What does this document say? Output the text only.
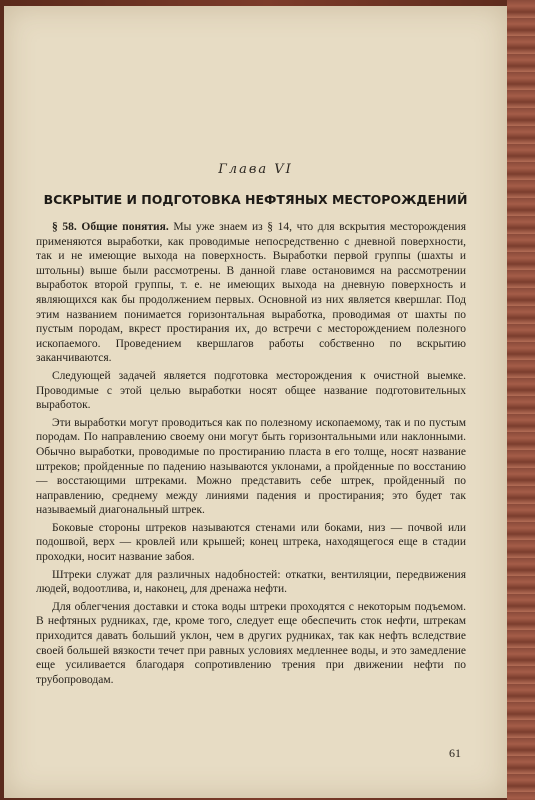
Глава VI
ВСКРЫТИЕ И ПОДГОТОВКА НЕФТЯНЫХ МЕСТОРОЖДЕНИЙ

§ 58. Общие понятия. Мы уже знаем из § 14, что для вскрытия месторождения применяются выработки, как проводимые непосредственно с дневной поверхности, так и не имеющие выхода на поверхность. Выработки первой группы (шахты и штольны) выше были рассмотрены. В данной главе остановимся на рассмотрении выработок второй группы, т. е. не имеющих выхода на дневную поверхность и являющихся как бы продолжением первых. Основной из них является квершлаг. Под этим названием понимается горизонтальная выработка, проводимая от шахты по пустым породам, вкрест простирания их, до встречи с месторождением полезного ископаемого. Проведением квершлагов работы собственно по вскрытию заканчиваются.

Следующей задачей является подготовка месторождения к очистной выемке. Проводимые с этой целью выработки носят общее название подготовительных выработок.

Эти выработки могут проводиться как по полезному ископаемому, так и по пустым породам. По направлению своему они могут быть горизонтальными или наклонными. Обычно выработки, проводимые по простиранию пласта в его толще, носят название штреков; пройденные по падению называются уклонами, а пройденные по восстанию — восстающими штреками. Можно представить себе штрек, пройденный по направлению, среднему между линиями падения и простирания; это будет так называемый диагональный штрек.

Боковые стороны штреков называются стенами или боками, низ — почвой или подошвой, верх — кровлей или крышей; конец штрека, находящегося еще в стадии проходки, носит название забоя.

Штреки служат для различных надобностей: откатки, вентиляции, передвижения людей, водоотлива, и, наконец, для дренажа нефти.

Для облегчения доставки и стока воды штреки проходятся с некоторым подъемом. В нефтяных рудниках, где, кроме того, следует еще обеспечить сток нефти, штрекам приходится давать больший уклон, чем в других рудниках, так как нефть вследствие своей большей вязкости течет при равных условиях медленнее воды, и это замедление еще усиливается благодаря сопротивлению трения при движении нефти по трубопроводам.

61
